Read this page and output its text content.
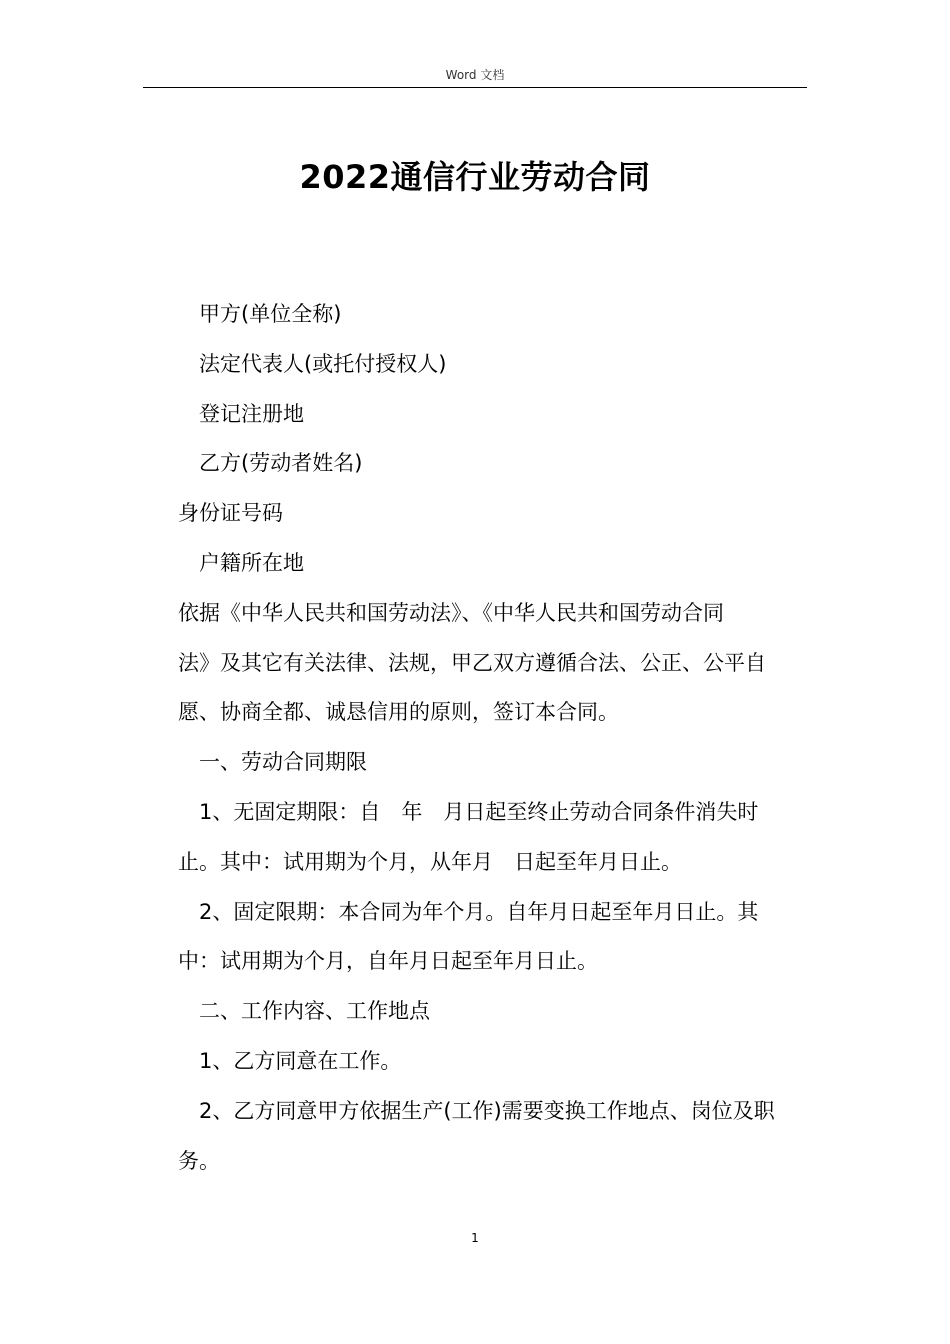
Word 文档
2022通信行业劳动合同

甲方(单位全称)

法定代表人(或托付授权人)

登记注册地

乙方(劳动者姓名)

身份证号码

户籍所在地

依据《中华人民共和国劳动法》、《中华人民共和国劳动合同

法》及其它有关法律、法规，甲乙双方遵循合法、公正、公平自

愿、协商全都、诚恳信用的原则，签订本合同。

一、劳动合同期限

1、无固定期限：自　年　月日起至终止劳动合同条件消失时

止。其中：试用期为个月，从年月　日起至年月日止。

2、固定限期：本合同为年个月。自年月日起至年月日止。其

中：试用期为个月，自年月日起至年月日止。

二、工作内容、工作地点

1、乙方同意在工作。

2、乙方同意甲方依据生产(工作)需要变换工作地点、岗位及职

务。

1
